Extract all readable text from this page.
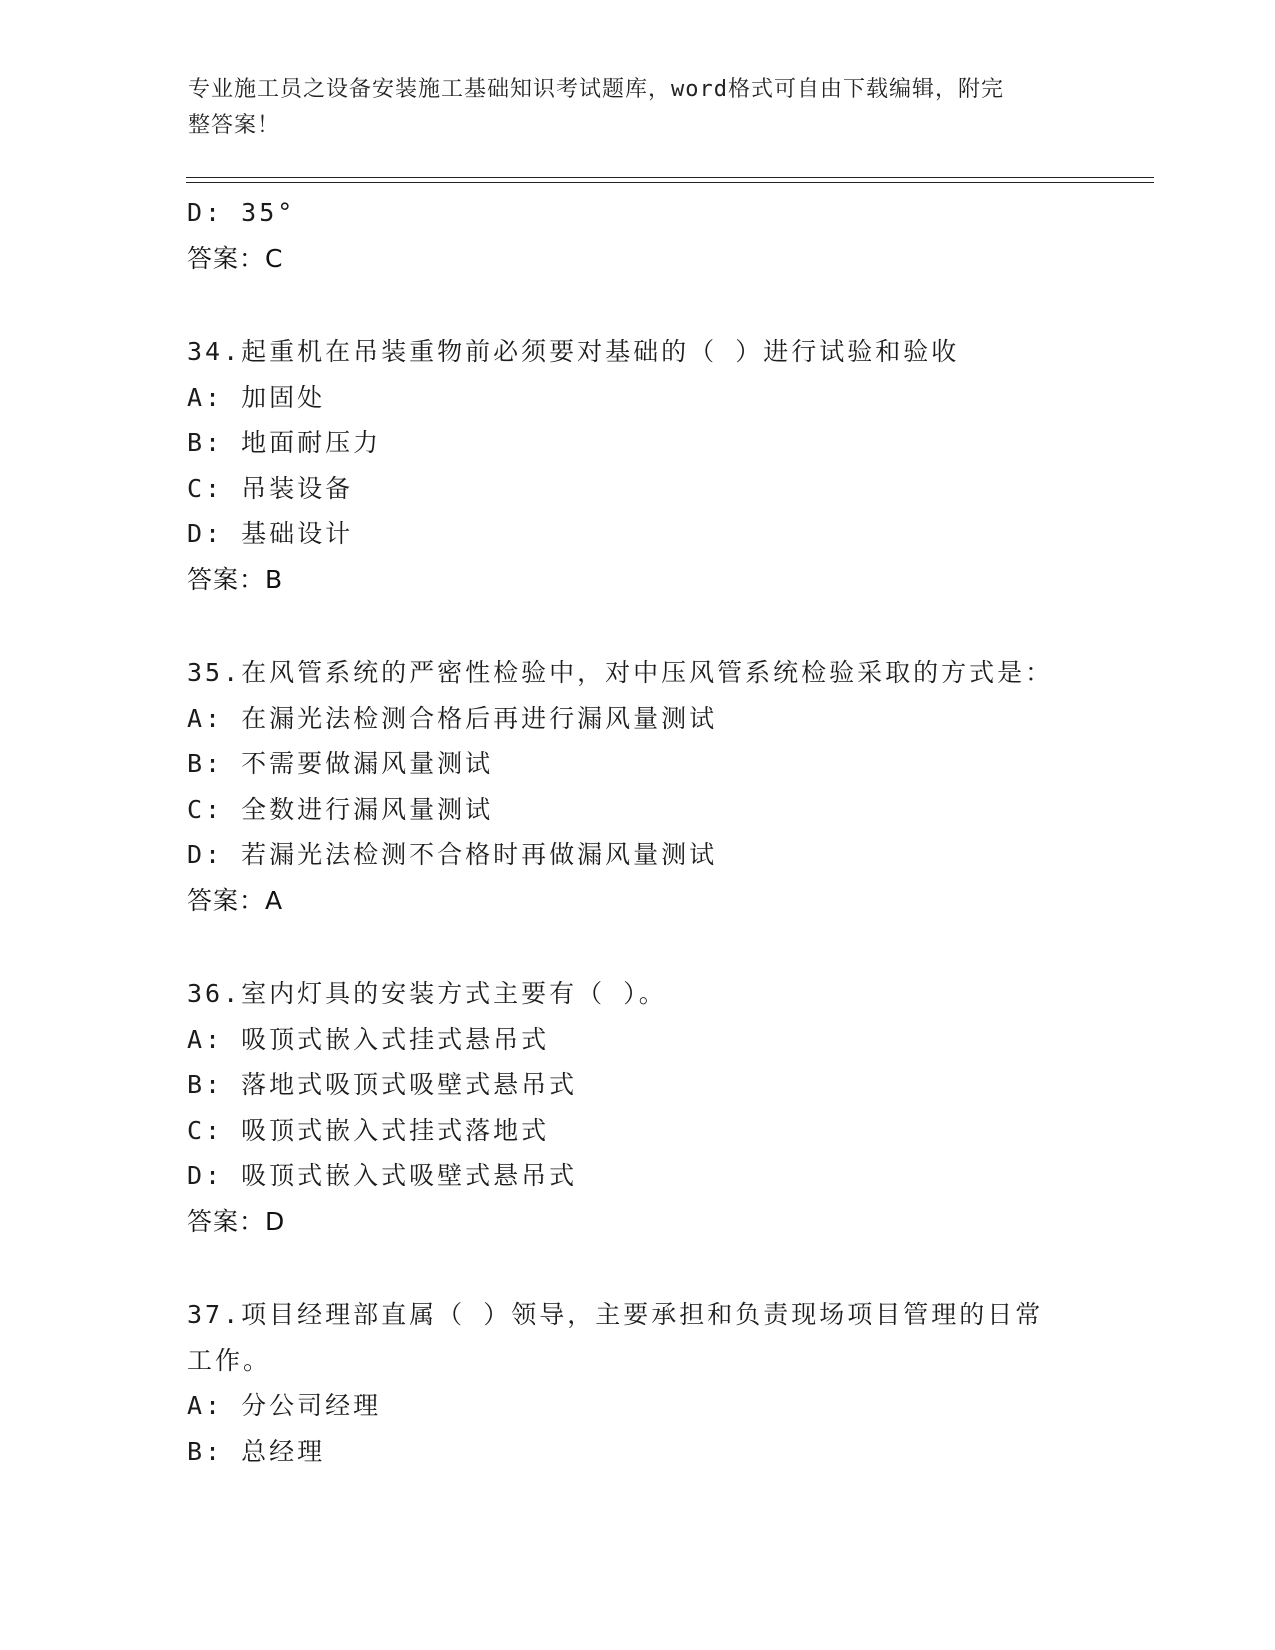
专业施工员之设备安装施工基础知识考试题库，word格式可自由下载编辑，附完
整答案！
D: 35°
答案：C
34.起重机在吊装重物前必须要对基础的（ ）进行试验和验收
A: 加固处
B: 地面耐压力
C: 吊装设备
D: 基础设计
答案：B
35.在风管系统的严密性检验中，对中压风管系统检验采取的方式是：
A: 在漏光法检测合格后再进行漏风量测试
B: 不需要做漏风量测试
C: 全数进行漏风量测试
D: 若漏光法检测不合格时再做漏风量测试
答案：A
36.室内灯具的安装方式主要有（ ）。
A: 吸顶式嵌入式挂式悬吊式
B: 落地式吸顶式吸壁式悬吊式
C: 吸顶式嵌入式挂式落地式
D: 吸顶式嵌入式吸壁式悬吊式
答案：D
37.项目经理部直属（ ）领导，主要承担和负责现场项目管理的日常
工作。
A: 分公司经理
B: 总经理
